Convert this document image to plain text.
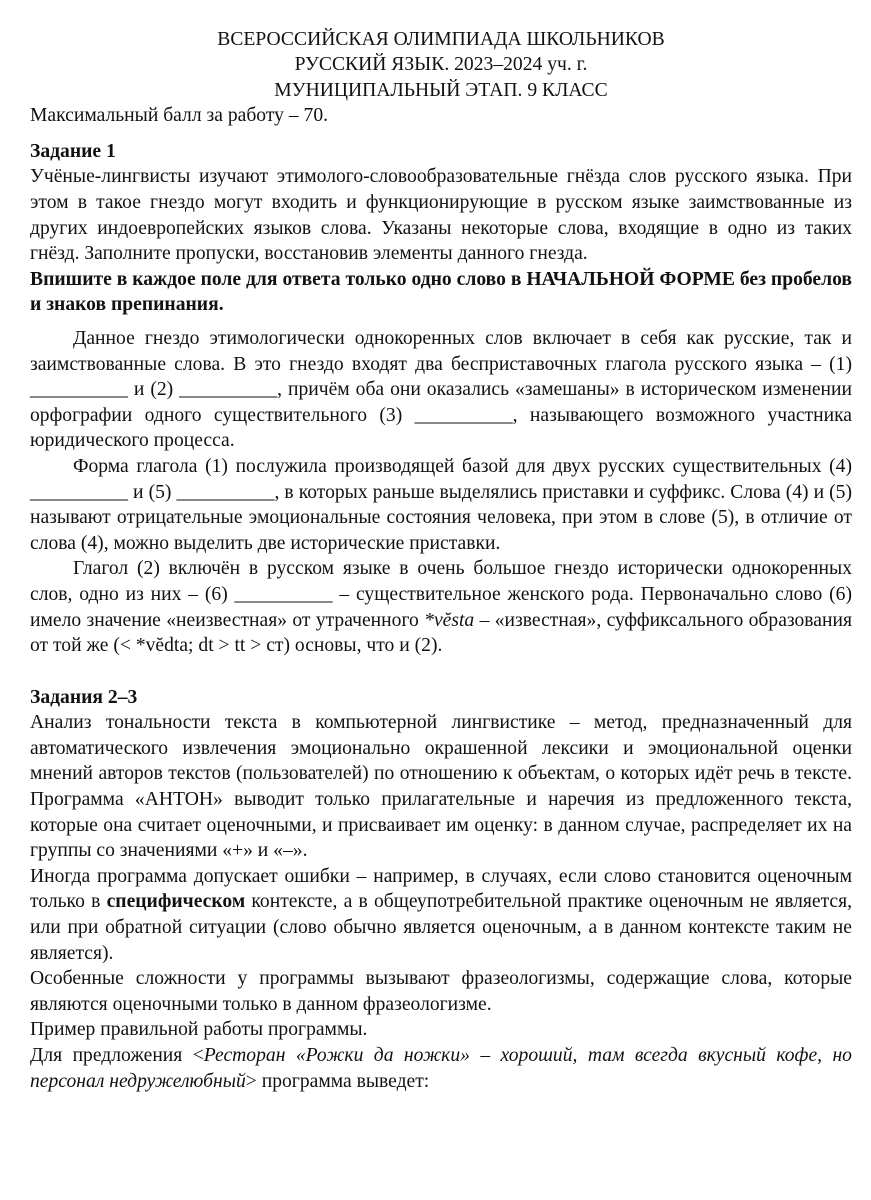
ВСЕРОССИЙСКАЯ ОЛИМПИАДА ШКОЛЬНИКОВ
РУССКИЙ ЯЗЫК. 2023–2024 уч. г.
МУНИЦИПАЛЬНЫЙ ЭТАП. 9 КЛАСС

Максимальный балл за работу – 70.

Задание 1

Учёные-лингвисты изучают этимолого-словообразовательные гнёзда слов русского языка. При этом в такое гнездо могут входить и функционирующие в русском языке заимствованные из других индоевропейских языков слова. Указаны некоторые слова, входящие в одно из таких гнёзд. Заполните пропуски, восстановив элементы данного гнезда.

Впишите в каждое поле для ответа только одно слово в НАЧАЛЬНОЙ ФОРМЕ без пробелов и знаков препинания.

Данное гнездо этимологически однокоренных слов включает в себя как русские, так и заимствованные слова. В это гнездо входят два бесприставочных глагола русского языка – (1) __________ и (2) __________, причём оба они оказались «замешаны» в историческом изменении орфографии одного существительного (3) __________, называющего возможного участника юридического процесса.

Форма глагола (1) послужила производящей базой для двух русских существительных (4) __________ и (5) __________, в которых раньше выделялись приставки и суффикс. Слова (4) и (5) называют отрицательные эмоциональные состояния человека, при этом в слове (5), в отличие от слова (4), можно выделить две исторические приставки.

Глагол (2) включён в русском языке в очень большое гнездо исторически однокоренных слов, одно из них – (6) __________ – существительное женского рода. Первоначально слово (6) имело значение «неизвестная» от утраченного *vĕsta – «известная», суффиксального образования от той же (< *vĕdta; dt > tt > ст) основы, что и (2).

Задания 2–3

Анализ тональности текста в компьютерной лингвистике – метод, предназначенный для автоматического извлечения эмоционально окрашенной лексики и эмоциональной оценки мнений авторов текстов (пользователей) по отношению к объектам, о которых идёт речь в тексте. Программа «АНТОН» выводит только прилагательные и наречия из предложенного текста, которые она считает оценочными, и присваивает им оценку: в данном случае, распределяет их на группы со значениями «+» и «–».

Иногда программа допускает ошибки – например, в случаях, если слово становится оценочным только в специфическом контексте, а в общеупотребительной практике оценочным не является, или при обратной ситуации (слово обычно является оценочным, а в данном контексте таким не является).

Особенные сложности у программы вызывают фразеологизмы, содержащие слова, которые являются оценочными только в данном фразеологизме.

Пример правильной работы программы.

Для предложения <Ресторан «Рожки да ножки» – хороший, там всегда вкусный кофе, но персонал недружелюбный> программа выведет:
